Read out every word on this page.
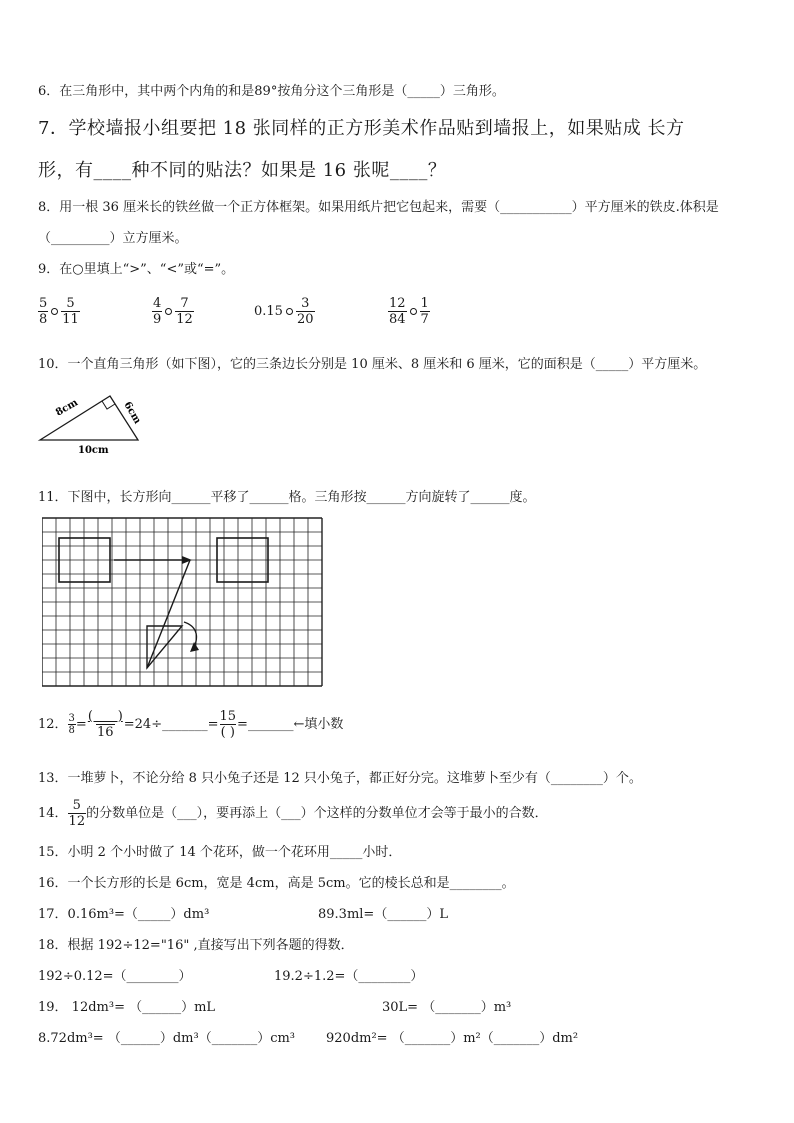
6．在三角形中，其中两个内角的和是89°按角分这个三角形是（_____）三角形。
7．学校墙报小组要把 18 张同样的正方形美术作品贴到墙报上，如果贴成 长方
形，有____种不同的贴法？如果是 16 张呢____？
8．用一根 36 厘米长的铁丝做一个正方体框架。如果用纸片把它包起来，需要（___________）平方厘米的铁皮.体积是
（_________）立方厘米。
9．在○里填上“>”、“<”或“=”。
$\frac{5}{8} \frac{5}{11}$	$\frac{4}{9} \frac{7}{12}$	$0.15 \frac{3}{20}$	$\frac{12}{84} \frac{1}{7}$
10．一个直角三角形（如下图），它的三条边长分别是 10 厘米、8 厘米和 6 厘米，它的面积是（_____）平方厘米。
8cm	6cm
10cm
11．下图中，长方形向______平移了______格。三角形按______方向旋转了______度。
12． $\frac{3}{8} = \frac{( )}{16}$ =24÷_______= $\frac{15}{( )}$ =_______←填小数
13．一堆萝卜，不论分给 8 只小兔子还是 12 只小兔子，都正好分完。这堆萝卜至少有（________）个。
14． $\frac{5}{12}$ 的分数单位是（___），要再添上（___）个这样的分数单位才会等于最小的合数．
15．小明 2 个小时做了 14 个花环，做一个花环用_____小时．
16．一个长方形的长是 6cm，宽是 4cm，高是 5cm。它的棱长总和是________。
17．0.16m³=（_____）dm³	89.3ml=（______）L
18．根据 192÷12="16" ,直接写出下列各题的得数．
192÷0.12=（________）	19.2÷1.2=（________）
19． 12dm³= （______）mL	30L= （_______）m³
8.72dm³= （______）dm³（_______）cm³ 920dm²= （_______）m²（_______）dm²
